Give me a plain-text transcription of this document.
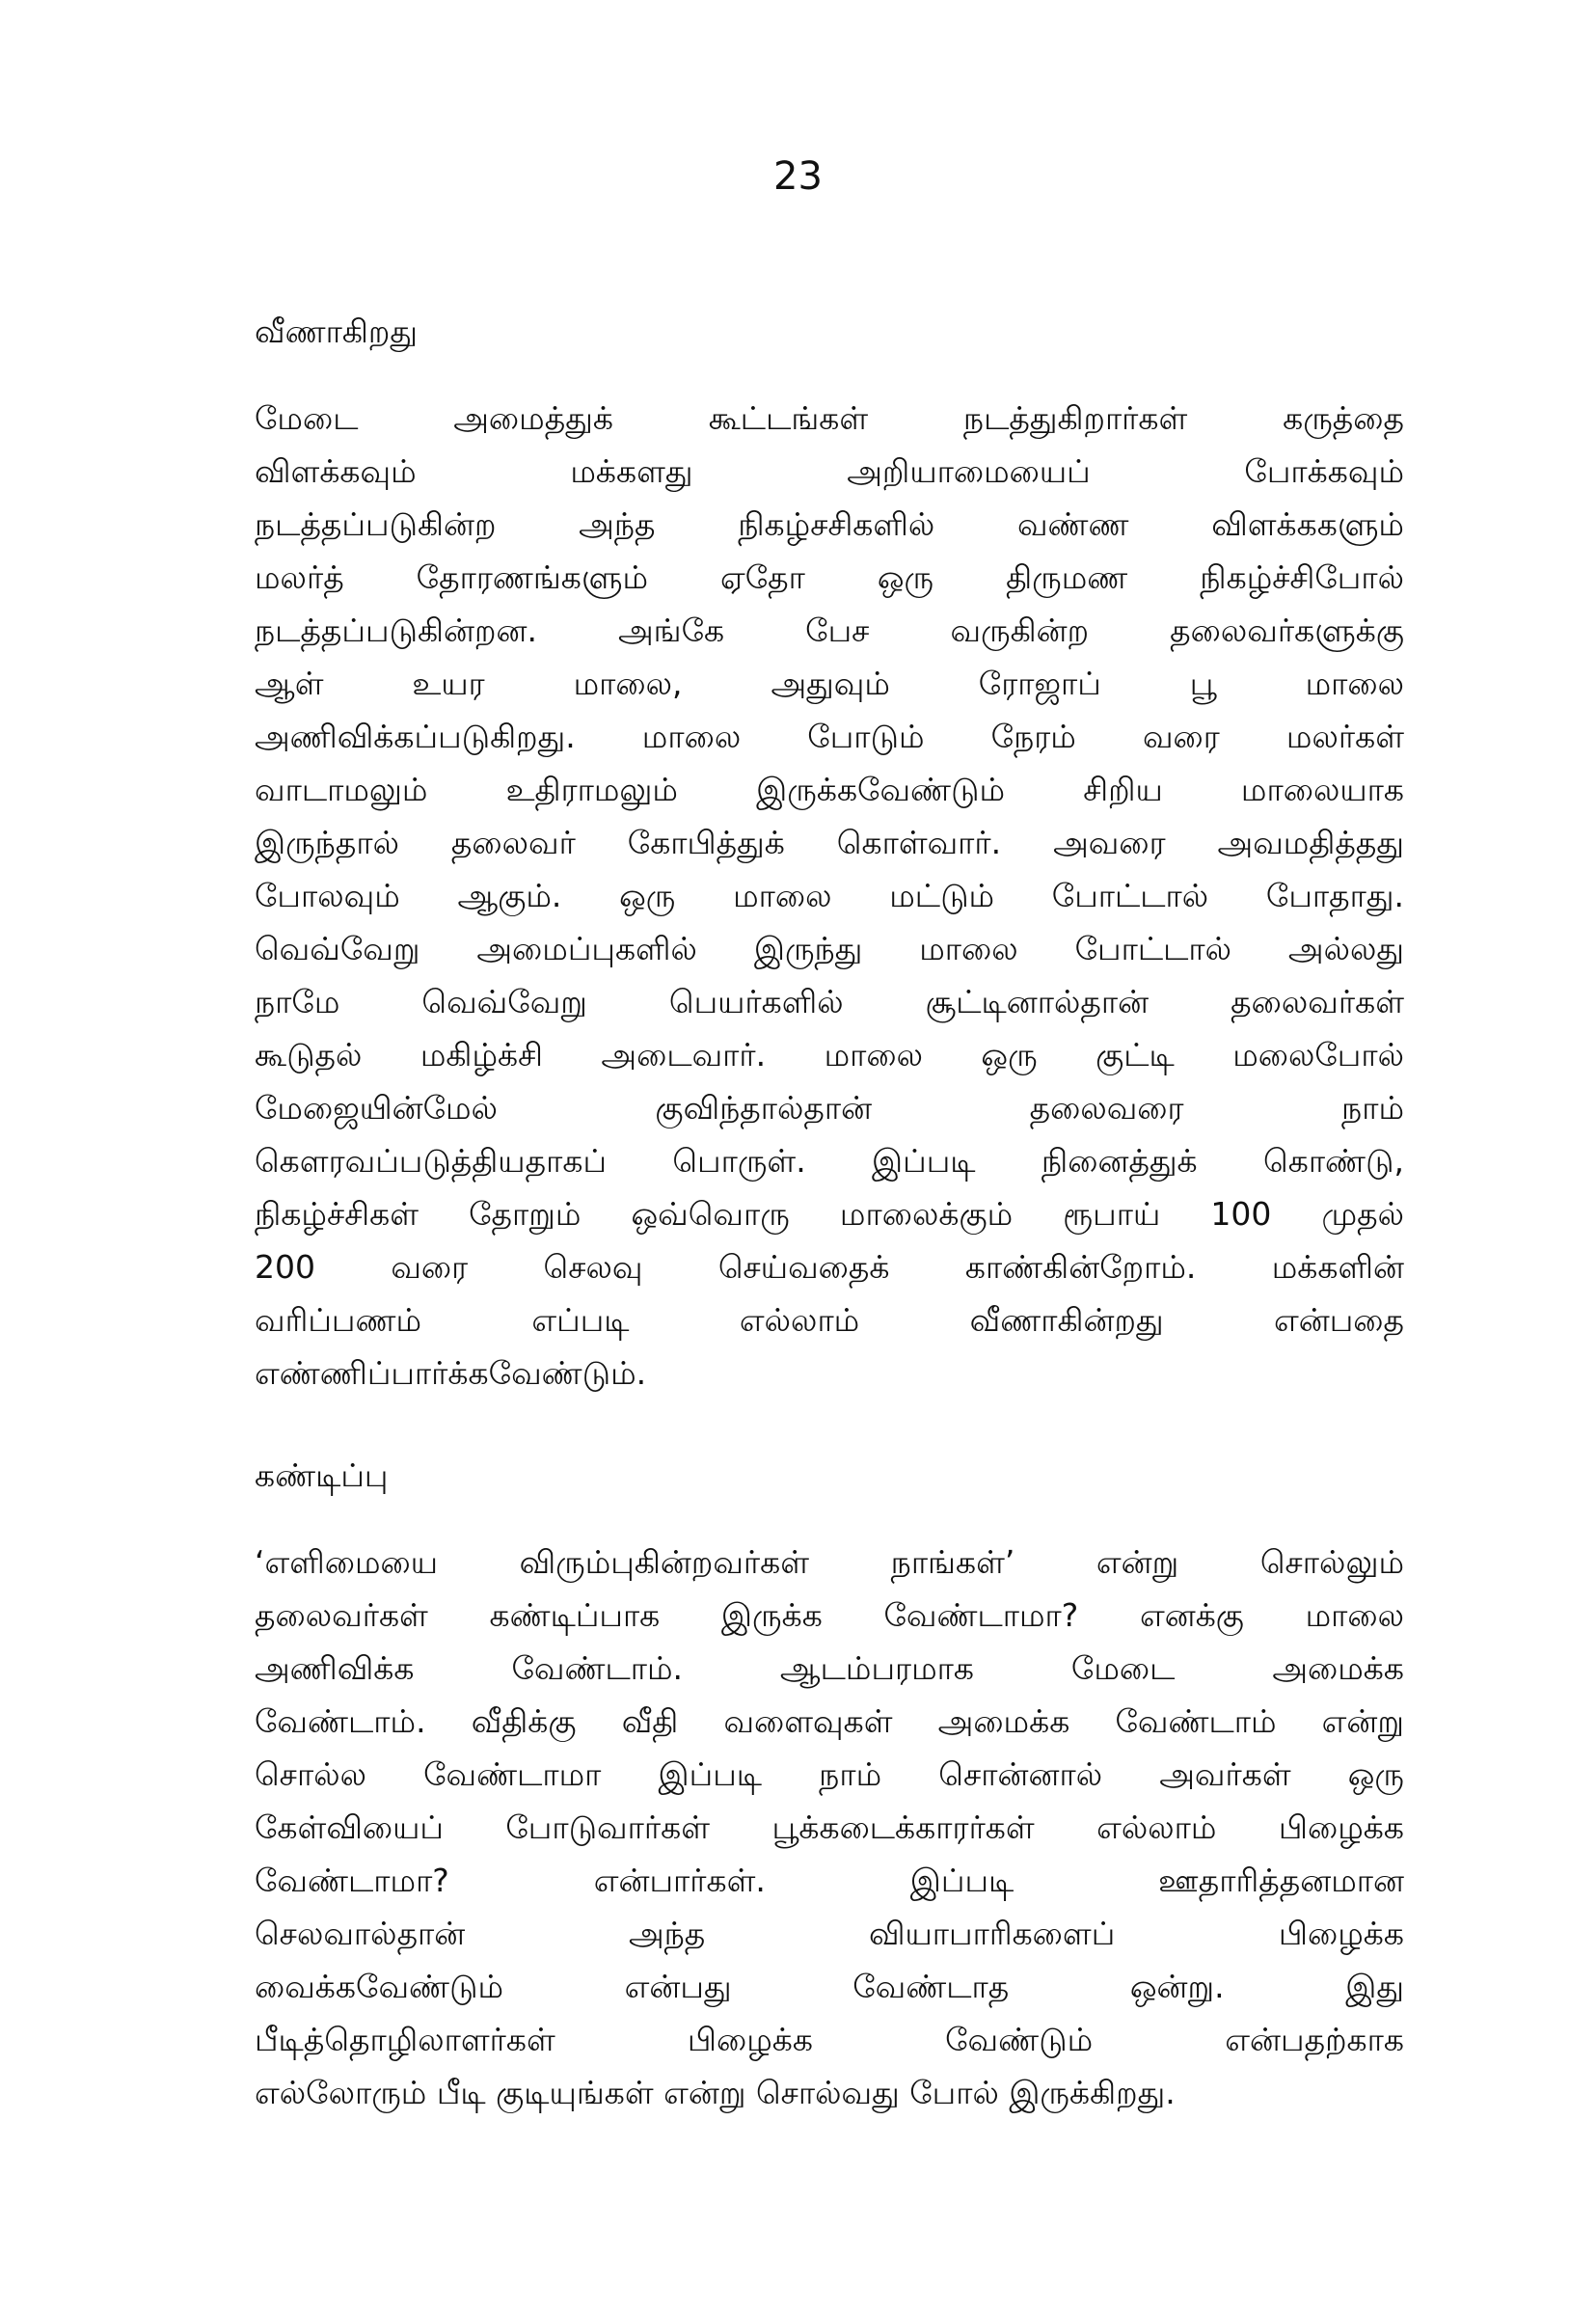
23
வீணாகிறது
மேடை அமைத்துக் கூட்டங்கள் நடத்துகிறார்கள் கருத்தை
விளக்கவும் மக்களது அறியாமையைப் போக்கவும்
நடத்தப்படுகின்ற அந்த நிகழ்சசிகளில் வண்ண விளக்ககளும்
மலர்த் தோரணங்களும் ஏதோ ஒரு திருமண நிகழ்ச்சிபோல்
நடத்தப்படுகின்றன. அங்கே பேச வருகின்ற தலைவர்களுக்கு
ஆள் உயர மாலை, அதுவும் ரோஜாப் பூ மாலை
அணிவிக்கப்படுகிறது. மாலை போடும் நேரம் வரை மலர்கள்
வாடாமலும் உதிராமலும் இருக்கவேண்டும் சிறிய மாலையாக
இருந்தால் தலைவர் கோபித்துக் கொள்வார். அவரை அவமதித்தது
போலவும் ஆகும். ஒரு மாலை மட்டும் போட்டால் போதாது.
வெவ்வேறு அமைப்புகளில் இருந்து மாலை போட்டால் அல்லது
நாமே வெவ்வேறு பெயர்களில் சூட்டினால்தான் தலைவர்கள்
கூடுதல் மகிழ்க்சி அடைவார். மாலை ஒரு குட்டி மலைபோல்
மேஜையின்மேல் குவிந்தால்தான் தலைவரை நாம்
கௌரவப்படுத்தியதாகப் பொருள். இப்படி நினைத்துக் கொண்டு,
நிகழ்ச்சிகள் தோறும் ஒவ்வொரு மாலைக்கும் ரூபாய் 100 முதல்
200 வரை செலவு செய்வதைக் காண்கின்றோம். மக்களின்
வரிப்பணம் எப்படி எல்லாம் வீணாகின்றது என்பதை
எண்ணிப்பார்க்கவேண்டும்.
கண்டிப்பு
‘எளிமையை விரும்புகின்றவர்கள் நாங்கள்’ என்று சொல்லும்
தலைவர்கள் கண்டிப்பாக இருக்க வேண்டாமா? எனக்கு மாலை
அணிவிக்க வேண்டாம். ஆடம்பரமாக மேடை அமைக்க
வேண்டாம். வீதிக்கு வீதி வளைவுகள் அமைக்க வேண்டாம் என்று
சொல்ல வேண்டாமா இப்படி நாம் சொன்னால் அவர்கள் ஒரு
கேள்வியைப் போடுவார்கள் பூக்கடைக்காரர்கள் எல்லாம் பிழைக்க
வேண்டாமா? என்பார்கள். இப்படி ஊதாரித்தனமான
செலவால்தான் அந்த வியாபாரிகளைப் பிழைக்க
வைக்கவேண்டும் என்பது வேண்டாத ஒன்று. இது
பீடித்தொழிலாளர்கள் பிழைக்க வேண்டும் என்பதற்காக
எல்லோரும் பீடி குடியுங்கள் என்று சொல்வது போல் இருக்கிறது.
